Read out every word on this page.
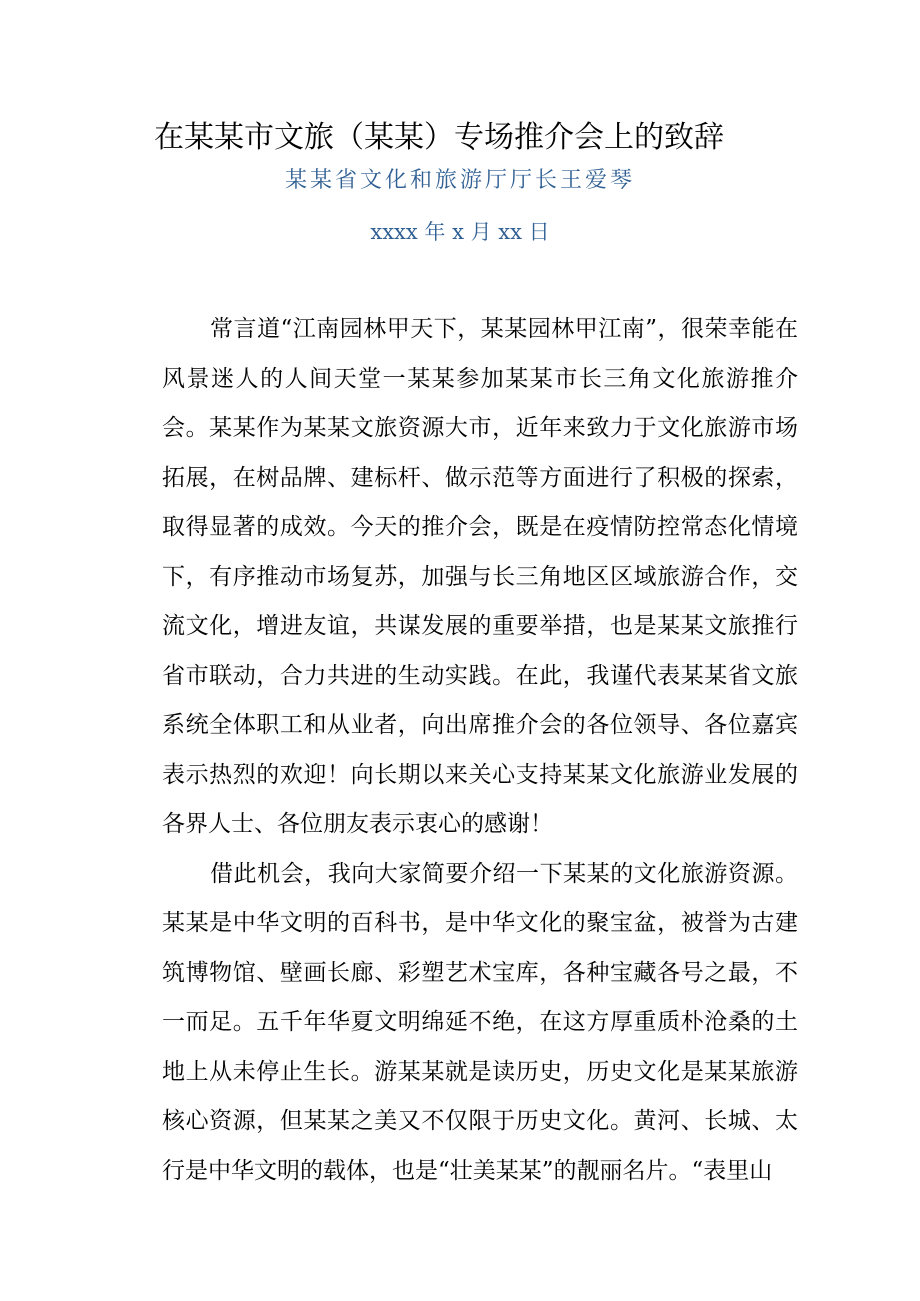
在某某市文旅（某某）专场推介会上的致辞
某某省文化和旅游厅厅长王爱琴
xxxx 年 x 月 xx 日

常言道“江南园林甲天下，某某园林甲江南”，很荣幸能在风景迷人的人间天堂一某某参加某某市长三角文化旅游推介会。某某作为某某文旅资源大市，近年来致力于文化旅游市场拓展，在树品牌、建标杆、做示范等方面进行了积极的探索，取得显著的成效。今天的推介会，既是在疫情防控常态化情境下，有序推动市场复苏，加强与长三角地区区域旅游合作，交流文化，增进友谊，共谋发展的重要举措，也是某某文旅推行省市联动，合力共进的生动实践。在此，我谨代表某某省文旅系统全体职工和从业者，向出席推介会的各位领导、各位嘉宾表示热烈的欢迎！向长期以来关心支持某某文化旅游业发展的各界人士、各位朋友表示衷心的感谢！

借此机会，我向大家简要介绍一下某某的文化旅游资源。某某是中华文明的百科书，是中华文化的聚宝盆，被誉为古建筑博物馆、壁画长廊、彩塑艺术宝库，各种宝藏各号之最，不一而足。五千年华夏文明绵延不绝，在这方厚重质朴沧桑的土地上从未停止生长。游某某就是读历史，历史文化是某某旅游核心资源，但某某之美又不仅限于历史文化。黄河、长城、太行是中华文明的载体，也是“壮美某某”的靓丽名片。“表里山
